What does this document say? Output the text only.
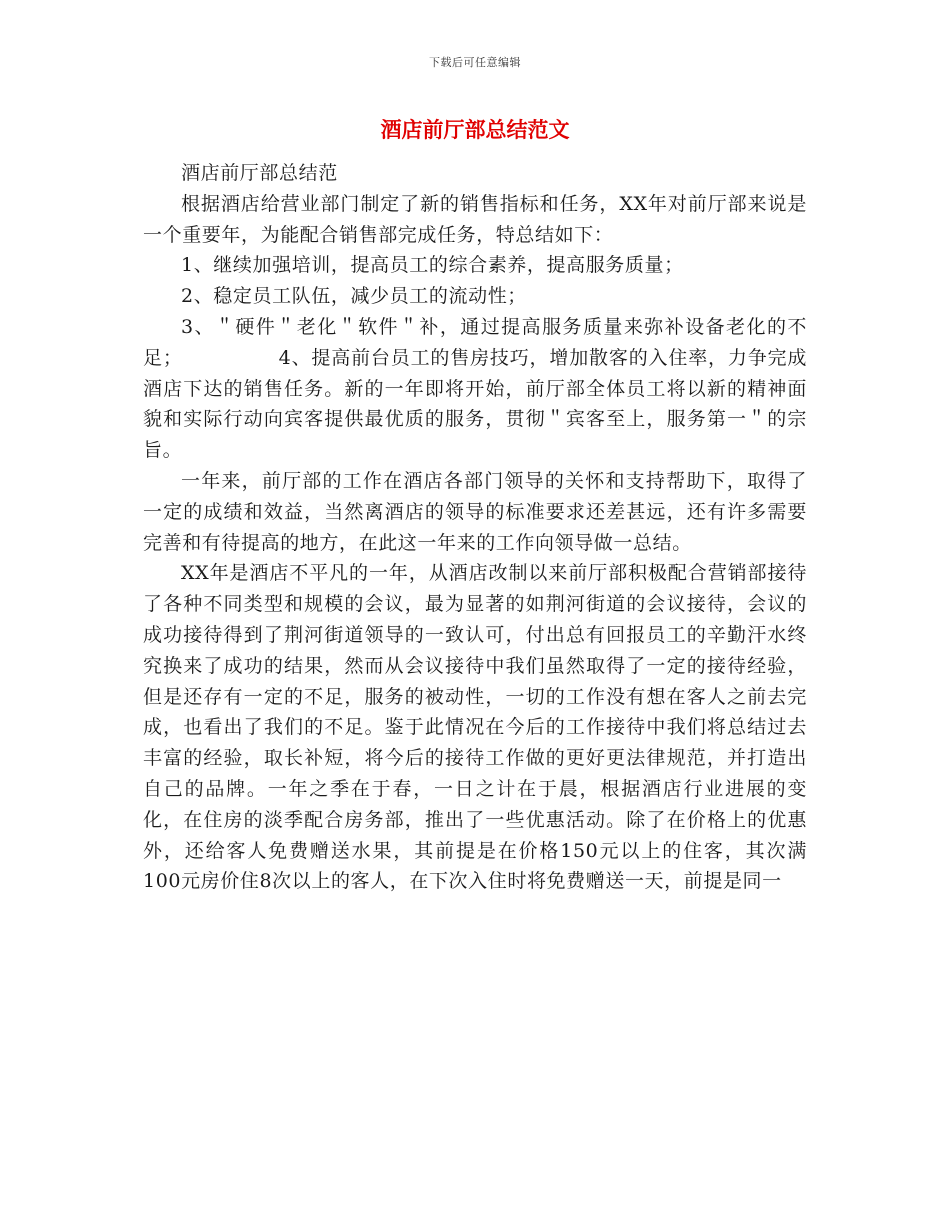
下载后可任意编辑
酒店前厅部总结范文

酒店前厅部总结范

根据酒店给营业部门制定了新的销售指标和任务，XX年对前厅部来说是一个重要年，为能配合销售部完成任务，特总结如下：

1、继续加强培训，提高员工的综合素养，提高服务质量；

2、稳定员工队伍，减少员工的流动性；

3、＂硬件＂老化＂软件＂补，通过提高服务质量来弥补设备老化的不足；              4、提高前台员工的售房技巧，增加散客的入住率，力争完成酒店下达的销售任务。新的一年即将开始，前厅部全体员工将以新的精神面貌和实际行动向宾客提供最优质的服务，贯彻＂宾客至上，服务第一＂的宗旨。

一年来，前厅部的工作在酒店各部门领导的关怀和支持帮助下，取得了一定的成绩和效益，当然离酒店的领导的标准要求还差甚远，还有许多需要完善和有待提高的地方，在此这一年来的工作向领导做一总结。

XX年是酒店不平凡的一年，从酒店改制以来前厅部积极配合营销部接待了各种不同类型和规模的会议，最为显著的如荆河街道的会议接待，会议的成功接待得到了荆河街道领导的一致认可，付出总有回报员工的辛勤汗水终究换来了成功的结果，然而从会议接待中我们虽然取得了一定的接待经验，但是还存有一定的不足，服务的被动性，一切的工作没有想在客人之前去完成，也看出了我们的不足。鉴于此情况在今后的工作接待中我们将总结过去丰富的经验，取长补短，将今后的接待工作做的更好更法律规范，并打造出自己的品牌。一年之季在于春，一日之计在于晨，根据酒店行业进展的变化，在住房的淡季配合房务部，推出了一些优惠活动。除了在价格上的优惠外，还给客人免费赠送水果，其前提是在价格150元以上的住客，其次满100元房价住8次以上的客人，在下次入住时将免费赠送一天，前提是同一
